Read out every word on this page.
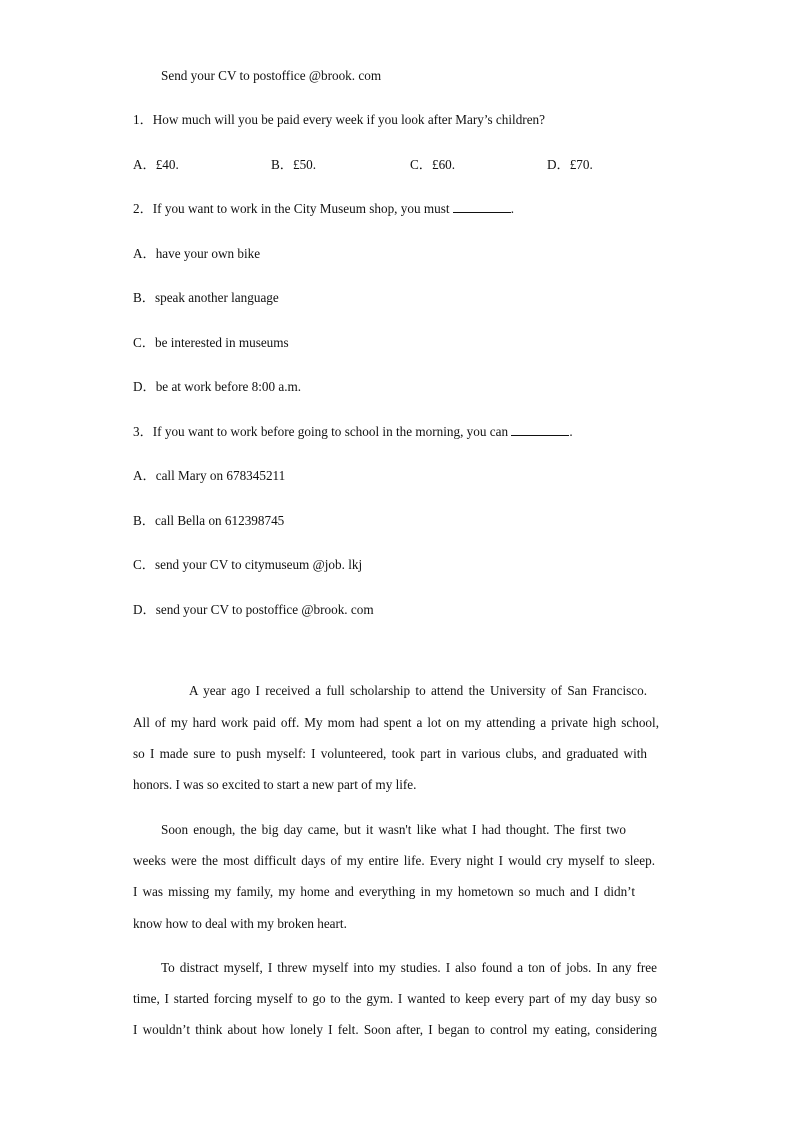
Send your CV to postoffice @brook. com
1．How much will you be paid every week if you look after Mary’s children?
A．£40.	B．£50.	C．£60.	D．£70.
2．If you want to work in the City Museum shop, you must	.
A．have your own bike
B．speak another language
C．be interested in museums
D．be at work before 8:00 a.m.
3．If you want to work before going to school in the morning, you can	.
A．call Mary on 678345211
B．call Bella on 612398745
C．send your CV to citymuseum @job. lkj
D．send your CV to postoffice @brook. com
A year ago I received a full scholarship to attend the University of San Francisco.
All of my hard work paid off. My mom had spent a lot on my attending a private high school,
so I made sure to push myself: I volunteered, took part in various clubs, and graduated with
honors. I was so excited to start a new part of my life.
Soon enough, the big day came, but it wasn't like what I had thought. The first two
weeks were the most difficult days of my entire life. Every night I would cry myself to sleep.
I was missing my family, my home and everything in my hometown so much and I didn’t
know how to deal with my broken heart.
To distract myself, I threw myself into my studies. I also found a ton of jobs. In any free
time, I started forcing myself to go to the gym. I wanted to keep every part of my day busy so
I wouldn’t think about how lonely I felt. Soon after, I began to control my eating, considering
